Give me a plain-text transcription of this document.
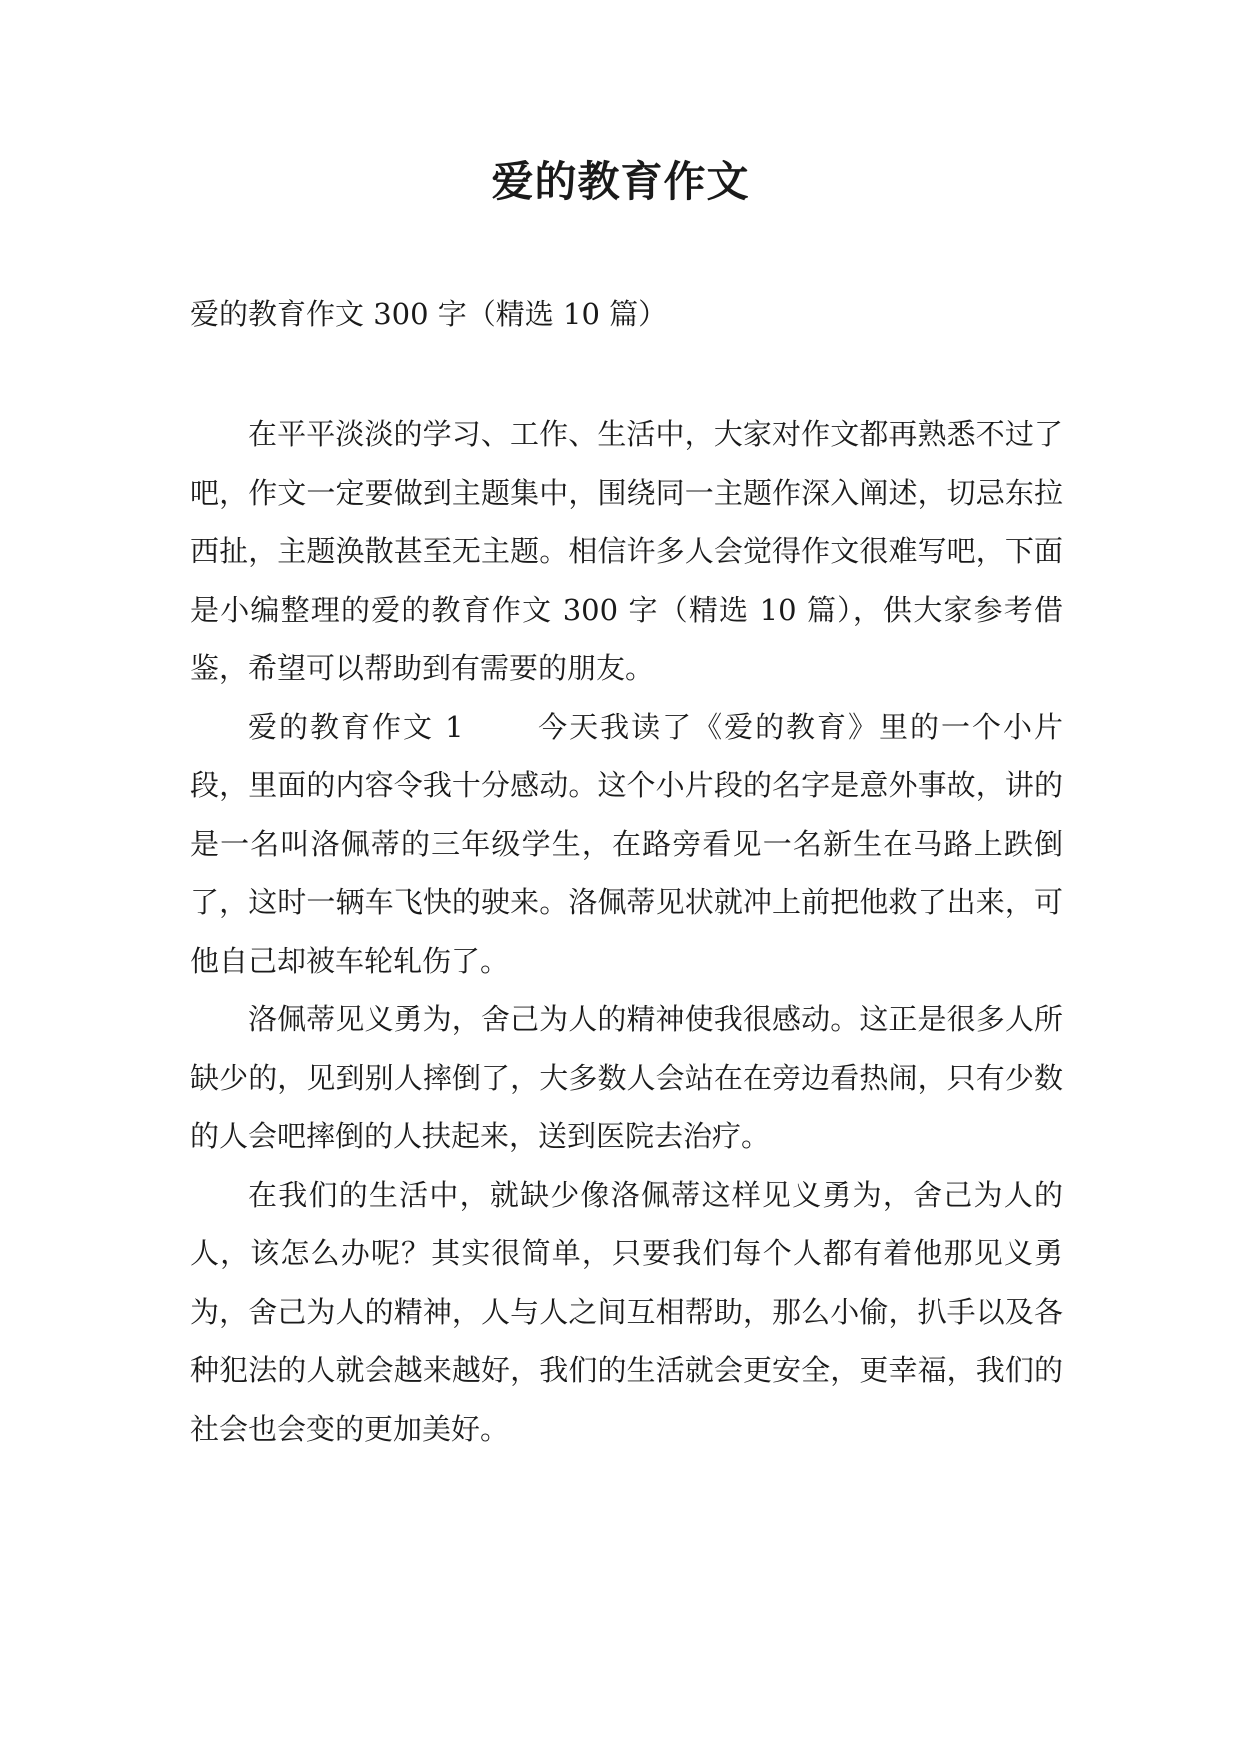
爱的教育作文

爱的教育作文 300 字（精选 10 篇）

在平平淡淡的学习、工作、生活中，大家对作文都再熟悉不过了吧，作文一定要做到主题集中，围绕同一主题作深入阐述，切忌东拉西扯，主题涣散甚至无主题。相信许多人会觉得作文很难写吧，下面是小编整理的爱的教育作文 300 字（精选 10 篇），供大家参考借鉴，希望可以帮助到有需要的朋友。

爱的教育作文 1	今天我读了《爱的教育》里的一个小片段，里面的内容令我十分感动。这个小片段的名字是意外事故，讲的是一名叫洛佩蒂的三年级学生，在路旁看见一名新生在马路上跌倒了，这时一辆车飞快的驶来。洛佩蒂见状就冲上前把他救了出来，可他自己却被车轮轧伤了。

洛佩蒂见义勇为，舍己为人的精神使我很感动。这正是很多人所缺少的，见到别人摔倒了，大多数人会站在在旁边看热闹，只有少数的人会吧摔倒的人扶起来，送到医院去治疗。

在我们的生活中，就缺少像洛佩蒂这样见义勇为，舍己为人的人，该怎么办呢？其实很简单，只要我们每个人都有着他那见义勇为，舍己为人的精神，人与人之间互相帮助，那么小偷，扒手以及各种犯法的人就会越来越好，我们的生活就会更安全，更幸福，我们的社会也会变的更加美好。
